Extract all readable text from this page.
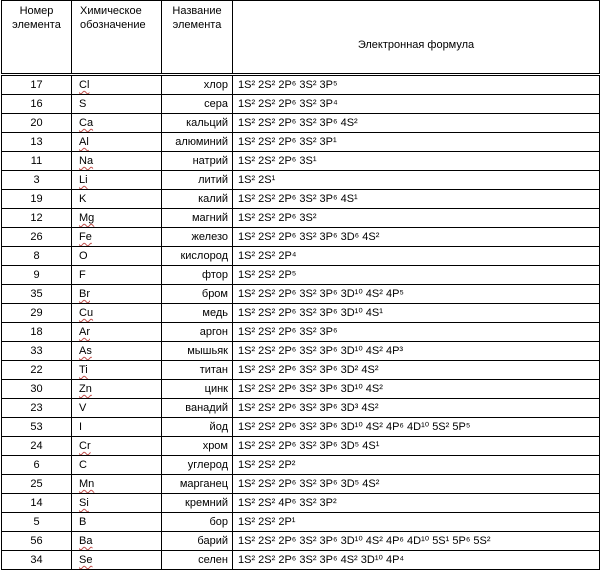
Номер элемента	Химическое обозначение	Название элемента	Электронная формула
17	Cl	хлор	1S² 2S² 2P⁶ 3S² 3P⁵
16	S	сера	1S² 2S² 2P⁶ 3S² 3P⁴
20	Ca	кальций	1S² 2S² 2P⁶ 3S² 3P⁶ 4S²
13	Al	алюминий	1S² 2S² 2P⁶ 3S² 3P¹
11	Na	натрий	1S² 2S² 2P⁶ 3S¹
3	Li	литий	1S² 2S¹
19	K	калий	1S² 2S² 2P⁶ 3S² 3P⁶ 4S¹
12	Mg	магний	1S² 2S² 2P⁶ 3S²
26	Fe	железо	1S² 2S² 2P⁶ 3S² 3P⁶ 3D⁶ 4S²
8	O	кислород	1S² 2S² 2P⁴
9	F	фтор	1S² 2S² 2P⁵
35	Br	бром	1S² 2S² 2P⁶ 3S² 3P⁶ 3D¹⁰ 4S² 4P⁵
29	Cu	медь	1S² 2S² 2P⁶ 3S² 3P⁶ 3D¹⁰ 4S¹
18	Ar	аргон	1S² 2S² 2P⁶ 3S² 3P⁶
33	As	мышьяк	1S² 2S² 2P⁶ 3S² 3P⁶ 3D¹⁰ 4S² 4P³
22	Ti	титан	1S² 2S² 2P⁶ 3S² 3P⁶ 3D² 4S²
30	Zn	цинк	1S² 2S² 2P⁶ 3S² 3P⁶ 3D¹⁰ 4S²
23	V	ванадий	1S² 2S² 2P⁶ 3S² 3P⁶ 3D³ 4S²
53	I	йод	1S² 2S² 2P⁶ 3S² 3P⁶ 3D¹⁰ 4S² 4P⁶ 4D¹⁰ 5S² 5P⁵
24	Cr	хром	1S² 2S² 2P⁶ 3S² 3P⁶ 3D⁵ 4S¹
6	C	углерод	1S² 2S² 2P²
25	Mn	марганец	1S² 2S² 2P⁶ 3S² 3P⁶ 3D⁵ 4S²
14	Si	кремний	1S² 2S² 4P⁶ 3S² 3P²
5	B	бор	1S² 2S² 2P¹
56	Ba	барий	1S² 2S² 2P⁶ 3S² 3P⁶ 3D¹⁰ 4S² 4P⁶ 4D¹⁰ 5S¹ 5P⁶ 5S²
34	Se	селен	1S² 2S² 2P⁶ 3S² 3P⁶ 4S² 3D¹⁰ 4P⁴
